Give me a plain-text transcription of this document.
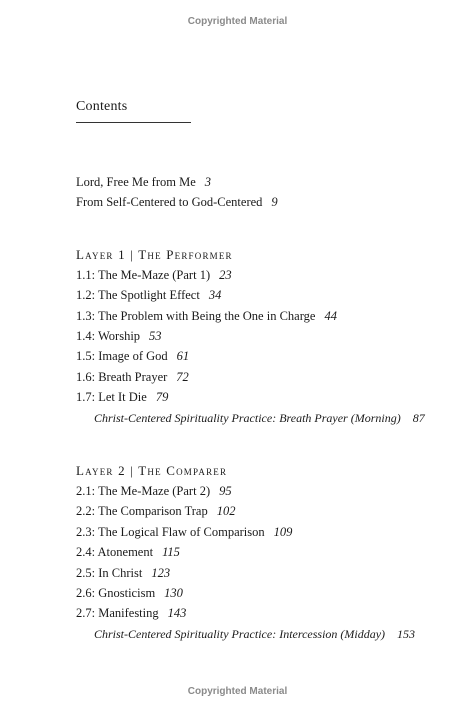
Copyrighted Material
Contents
Lord, Free Me from Me 3
From Self-Centered to God-Centered 9
Layer 1 | The Performer
1.1: The Me-Maze (Part 1) 23
1.2: The Spotlight Effect 34
1.3: The Problem with Being the One in Charge 44
1.4: Worship 53
1.5: Image of God 61
1.6: Breath Prayer 72
1.7: Let It Die 79
Christ-Centered Spirituality Practice: Breath Prayer (Morning) 87
Layer 2 | The Comparer
2.1: The Me-Maze (Part 2) 95
2.2: The Comparison Trap 102
2.3: The Logical Flaw of Comparison 109
2.4: Atonement 115
2.5: In Christ 123
2.6: Gnosticism 130
2.7: Manifesting 143
Christ-Centered Spirituality Practice: Intercession (Midday) 153
Copyrighted Material
